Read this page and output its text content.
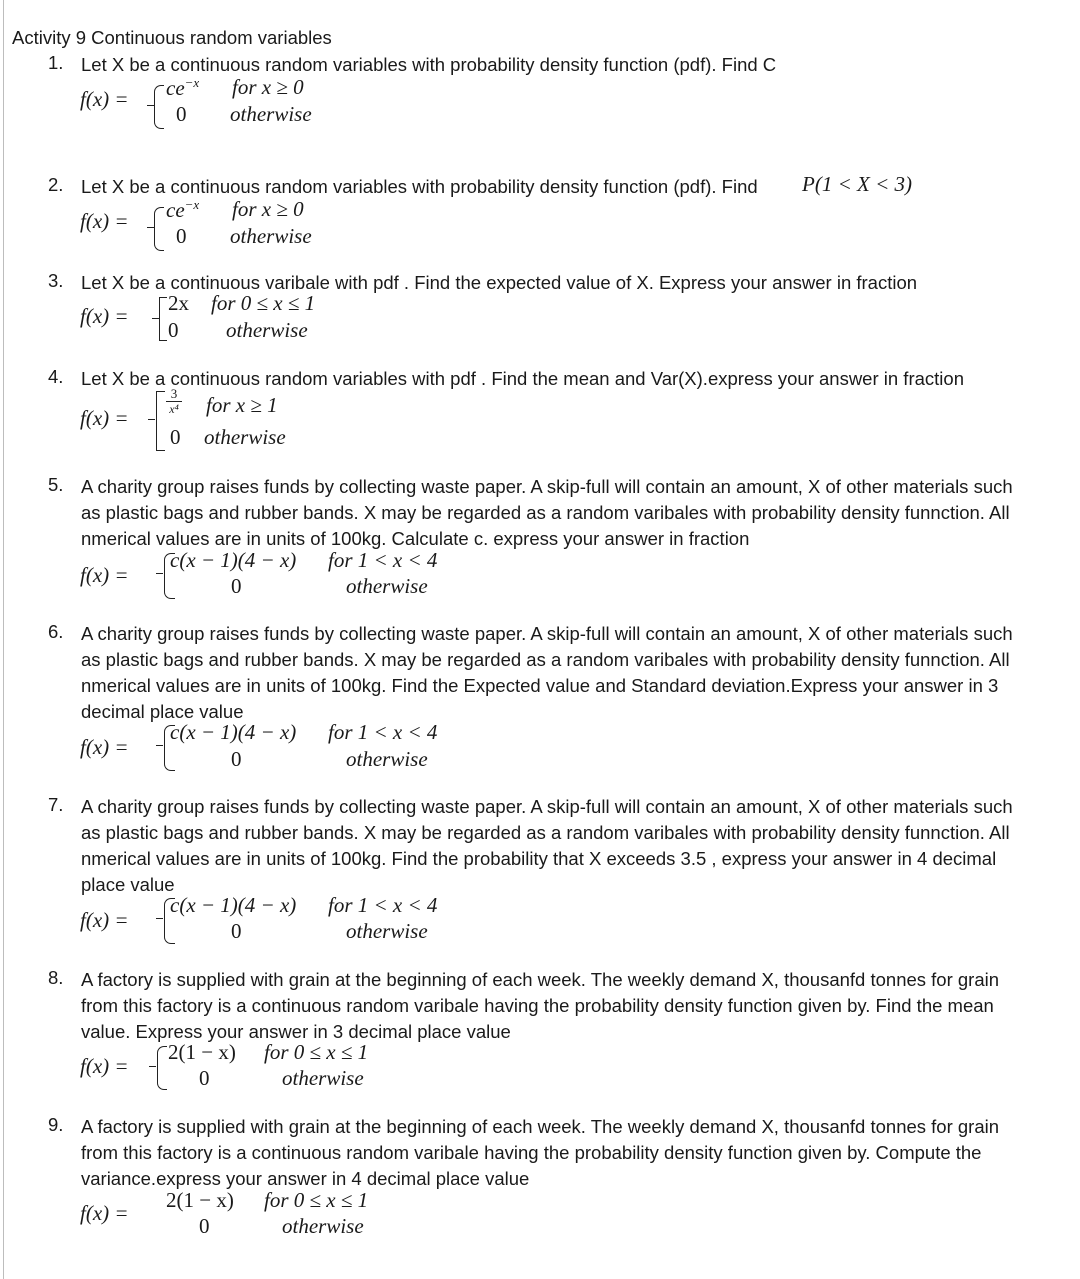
Activity 9 Continuous random variables
1. Let X be a continuous random variables with probability density function (pdf). Find C
$f(x) = ce^{-x}$ for x ≥ 0
0 otherwise
2. Let X be a continuous random variables with probability density function (pdf). Find P(1 < X < 3)
$f(x) = ce^{-x}$ for x ≥ 0
0 otherwise
3. Let X be a continuous varibale with pdf . Find the expected value of X. Express your answer in fraction
f(x) =
2x for 0 ≤ x ≤ 1
0 otherwise
4. Let X be a continuous random variables with pdf . Find the mean and Var(X).express your answer in fraction
f(x) =
3
x⁴ for x ≥ 1
0 otherwise
5. A charity group raises funds by collecting waste paper. A skip-full will contain an amount, X of other materials such
as plastic bags and rubber bands. X may be regarded as a random varibales with probability density funnction. All
nmerical values are in units of 100kg. Calculate c. express your answer in fraction
f(x) =
c(x − 1)(4 − x) for 1 < x < 4
0	otherwise
6. A charity group raises funds by collecting waste paper. A skip-full will contain an amount, X of other materials such
as plastic bags and rubber bands. X may be regarded as a random varibales with probability density funnction. All
nmerical values are in units of 100kg. Find the Expected value and Standard deviation.Express your answer in 3
decimal place value
f(x) =
c(x − 1)(4 − x) for 1 < x < 4
0	otherwise
7. A charity group raises funds by collecting waste paper. A skip-full will contain an amount, X of other materials such
as plastic bags and rubber bands. X may be regarded as a random varibales with probability density funnction. All
nmerical values are in units of 100kg. Find the probability that X exceeds 3.5 , express your answer in 4 decimal
place value
f(x) =
c(x − 1)(4 − x) for 1 < x < 4
0	otherwise
8. A factory is supplied with grain at the beginning of each week. The weekly demand X, thousanfd tonnes for grain
from this factory is a continuous random varibale having the probability density function given by. Find the mean
value. Express your answer in 3 decimal place value
f(x) =
2(1 − x) for 0 ≤ x ≤ 1
0	otherwise
9. A factory is supplied with grain at the beginning of each week. The weekly demand X, thousanfd tonnes for grain
from this factory is a continuous random varibale having the probability density function given by. Compute the
variance.express your answer in 4 decimal place value
f(x) =
2(1 − x) for 0 ≤ x ≤ 1
0	otherwise
